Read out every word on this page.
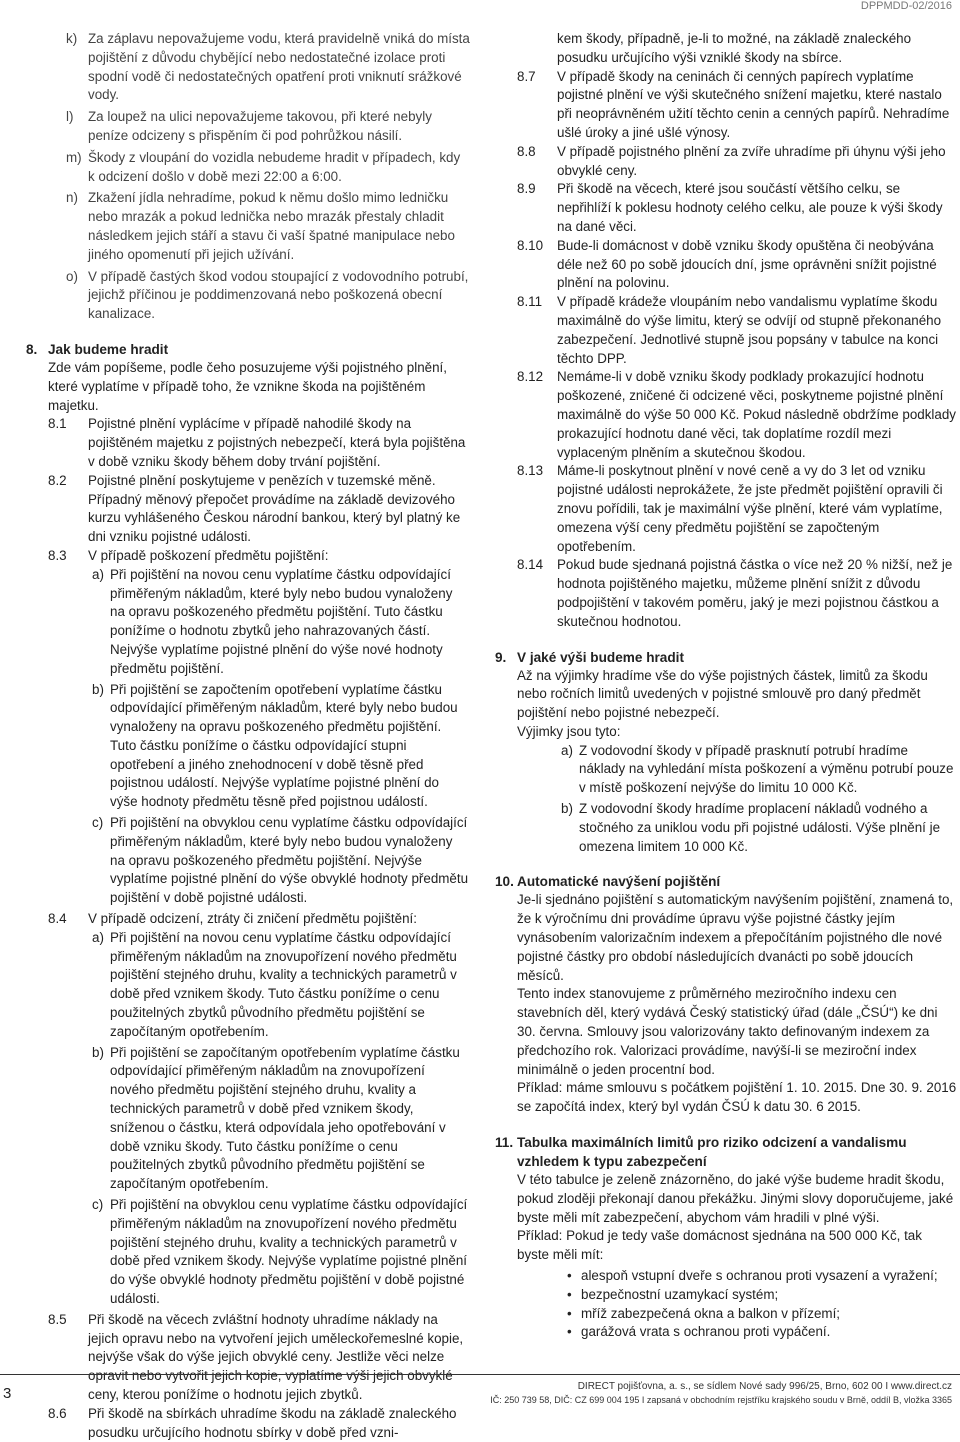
DPPMDD-02/2016
k) Za záplavu nepovažujeme vodu, která pravidelně vniká do místa pojištění z důvodu chybějící nebo nedostatečné izolace proti spodní vodě či nedostatečných opatření proti vniknutí srážkové vody.
l) Za loupež na ulici nepovažujeme takovou, při které nebyly peníze odcizeny s přispěním či pod pohrůžkou násilí.
m) Škody z vloupání do vozidla nebudeme hradit v případech, kdy k odcizení došlo v době mezi 22:00 a 6:00.
n) Zkažení jídla nehradíme, pokud k němu došlo mimo ledničku nebo mrazák a pokud lednička nebo mrazák přestaly chladit následkem jejich stáří a stavu či vaší špatné manipulace nebo jiného opomenutí při jejich užívání.
o) V případě častých škod vodou stoupající z vodovodního potrubí, jejichž příčinou je poddimenzovaná nebo poškozená obecní kanalizace.
8. Jak budeme hradit

Zde vám popíšeme, podle čeho posuzujeme výši pojistného plnění, které vyplatíme v případě toho, že vznikne škoda na pojištěném majetku.

8.1 Pojistné plnění vyplácíme v případě nahodilé škody na pojištěném majetku z pojistných nebezpečí, která byla pojištěna v době vzniku škody během doby trvání pojištění.
8.2 Pojistné plnění poskytujeme v penězích v tuzemské měně. Případný měnový přepočet provádíme na základě devizového kurzu vyhlášeného Českou národní bankou, který byl platný ke dni vzniku pojistné události.
8.3 V případě poškození předmětu pojištění:
a) Při pojištění na novou cenu vyplatíme částku odpovídající přiměřeným nákladům, které byly nebo budou vynaloženy na opravu poškozeného předmětu pojištění. Tuto částku ponížíme o hodnotu zbytků jeho nahrazovaných částí. Nejvýše vyplatíme pojistné plnění do výše nové hodnoty předmětu pojištění.
b) Při pojištění se započtením opotřebení vyplatíme částku odpovídající přiměřeným nákladům, které byly nebo budou vynaloženy na opravu poškozeného předmětu pojištění. Tuto částku ponížíme o částku odpovídající stupni opotřebení a jiného znehodnocení v době těsně před pojistnou událostí. Nejvýše vyplatíme pojistné plnění do výše hodnoty předmětu těsně před pojistnou událostí.
c) Při pojištění na obvyklou cenu vyplatíme částku odpovídající přiměřeným nákladům, které byly nebo budou vynaloženy na opravu poškozeného předmětu pojištění. Nejvýše vyplatíme pojistné plnění do výše obvyklé hodnoty předmětu pojištění v době pojistné události.
8.4 V případě odcizení, ztráty či zničení předmětu pojištění:
a) Při pojištění na novou cenu vyplatíme částku odpovídající přiměřeným nákladům na znovupořízení nového předmětu pojištění stejného druhu, kvality a technických parametrů v době před vznikem škody. Tuto částku ponížíme o cenu použitelných zbytků původního předmětu pojištění se započítaným opotřebením.
b) Při pojištění se započítaným opotřebením vyplatíme částku odpovídající přiměřeným nákladům na znovupořízení nového předmětu pojištění stejného druhu, kvality a technických parametrů v době před vznikem škody, sníženou o částku, která odpovídala jeho opotřebování v době vzniku škody. Tuto částku ponížíme o cenu použitelných zbytků původního předmětu pojištění se započítaným opotřebením.
c) Při pojištění na obvyklou cenu vyplatíme částku odpovídající přiměřeným nákladům na znovupořízení nového předmětu pojištění stejného druhu, kvality a technických parametrů v době před vznikem škody. Nejvýše vyplatíme pojistné plnění do výše obvyklé hodnoty předmětu pojištění v době pojistné události.
8.5 Při škodě na věcech zvláštní hodnoty uhradíme náklady na jejich opravu nebo na vytvoření jejich uměleckořemeslné kopie, nejvýše však do výše jejich obvyklé ceny. Jestliže věci nelze opravit nebo vytvořit jejich kopie, vyplatíme výši jejich obvyklé ceny, kterou ponížíme o hodnotu jejich zbytků.
8.6 Při škodě na sbírkách uhradíme škodu na základě znaleckého posudku určujícího hodnotu sbírky v době před vzni-

kem škody, případně, je-li to možné, na základě znaleckého posudku určujícího výši vzniklé škody na sbírce.

8.7 V případě škody na ceninách či cenných papírech vyplatíme pojistné plnění ve výši skutečného snížení majetku, které nastalo při neoprávněném užití těchto cenin a cenných papírů. Nehradíme ušlé úroky a jiné ušlé výnosy.
8.8 V případě pojistného plnění za zvíře uhradíme při úhynu výši jeho obvyklé ceny.
8.9 Při škodě na věcech, které jsou součástí většího celku, se nepřihlíží k poklesu hodnoty celého celku, ale pouze k výši škody na dané věci.
8.10 Bude-li domácnost v době vzniku škody opuštěna či neobývána déle než 60 po sobě jdoucích dní, jsme oprávněni snížit pojistné plnění na polovinu.
8.11 V případě krádeže vloupáním nebo vandalismu vyplatíme škodu maximálně do výše limitu, který se odvíjí od stupně překonaného zabezpečení. Jednotlivé stupně jsou popsány v tabulce na konci těchto DPP.
8.12 Nemáme-li v době vzniku škody podklady prokazující hodnotu poškozené, zničené či odcizené věci, poskytneme pojistné plnění maximálně do výše 50 000 Kč. Pokud následně obdržíme podklady prokazující hodnotu dané věci, tak doplatíme rozdíl mezi vyplaceným plněním a skutečnou škodou.
8.13 Máme-li poskytnout plnění v nové ceně a vy do 3 let od vzniku pojistné události neprokážete, že jste předmět pojištění opravili či znovu pořídili, tak je maximální výše plnění, které vám vyplatíme, omezena výší ceny předmětu pojištění se započteným opotřebením.
8.14 Pokud bude sjednaná pojistná částka o více než 20 % nižší, než je hodnota pojištěného majetku, můžeme plnění snížit z důvodu podpojištění v takovém poměru, jaký je mezi pojistnou částkou a skutečnou hodnotou.
9. V jaké výši budeme hradit

Až na výjimky hradíme vše do výše pojistných částek, limitů za škodu nebo ročních limitů uvedených v pojistné smlouvě pro daný předmět pojištění nebo pojistné nebezpečí.

Výjimky jsou tyto:

a) Z vodovodní škody v případě prasknutí potrubí hradíme náklady na vyhledání místa poškození a výměnu potrubí pouze v místě poškození nejvýše do limitu 10 000 Kč.
b) Z vodovodní škody hradíme proplacení nákladů vodného a stočného za uniklou vodu při pojistné události. Výše plnění je omezena limitem 10 000 Kč.
10. Automatické navýšení pojištění

Je-li sjednáno pojištění s automatickým navýšením pojištění, znamená to, že k výročnímu dni provádíme úpravu výše pojistné částky jejím vynásobením valorizačním indexem a přepočítáním pojistného dle nové pojistné částky pro období následujících dvanácti po sobě jdoucích měsíců.

Tento index stanovujeme z průměrného meziročního indexu cen stavebních děl, který vydává Český statistický úřad (dále „ČSÚ“) ke dni 30. června. Smlouvy jsou valorizovány takto definovaným indexem za předchozího rok. Valorizaci provádíme, navýší-li se meziroční index minimálně o jeden procentní bod.

Příklad: máme smlouvu s počátkem pojištění 1. 10. 2015. Dne 30. 9. 2016 se započítá index, který byl vydán ČSÚ k datu 30. 6 2015.

11. Tabulka maximálních limitů pro riziko odcizení a vandalismu vzhledem k typu zabezpečení

V této tabulce je zeleně znázorněno, do jaké výše budeme hradit škodu, pokud zloději překonají danou překážku. Jinými slovy doporučujeme, jaké byste měli mít zabezpečení, abychom vám hradili v plné výši.

Příklad: Pokud je tedy vaše domácnost sjednána na 500 000 Kč, tak byste měli mít:

• alespoň vstupní dveře s ochranou proti vysazení a vyražení;
• bezpečnostní uzamykací systém;
• mříž zabezpečená okna a balkon v přízemí;
• garážová vrata s ochranou proti vypáčení.
3	DIRECT pojišťovna, a. s., se sídlem Nové sady 996/25, Brno, 602 00 I www.direct.cz
IČ: 250 739 58, DIČ: CZ 699 004 195 I zapsaná v obchodním rejstříku krajského soudu v Brně, oddíl B, vložka 3365
